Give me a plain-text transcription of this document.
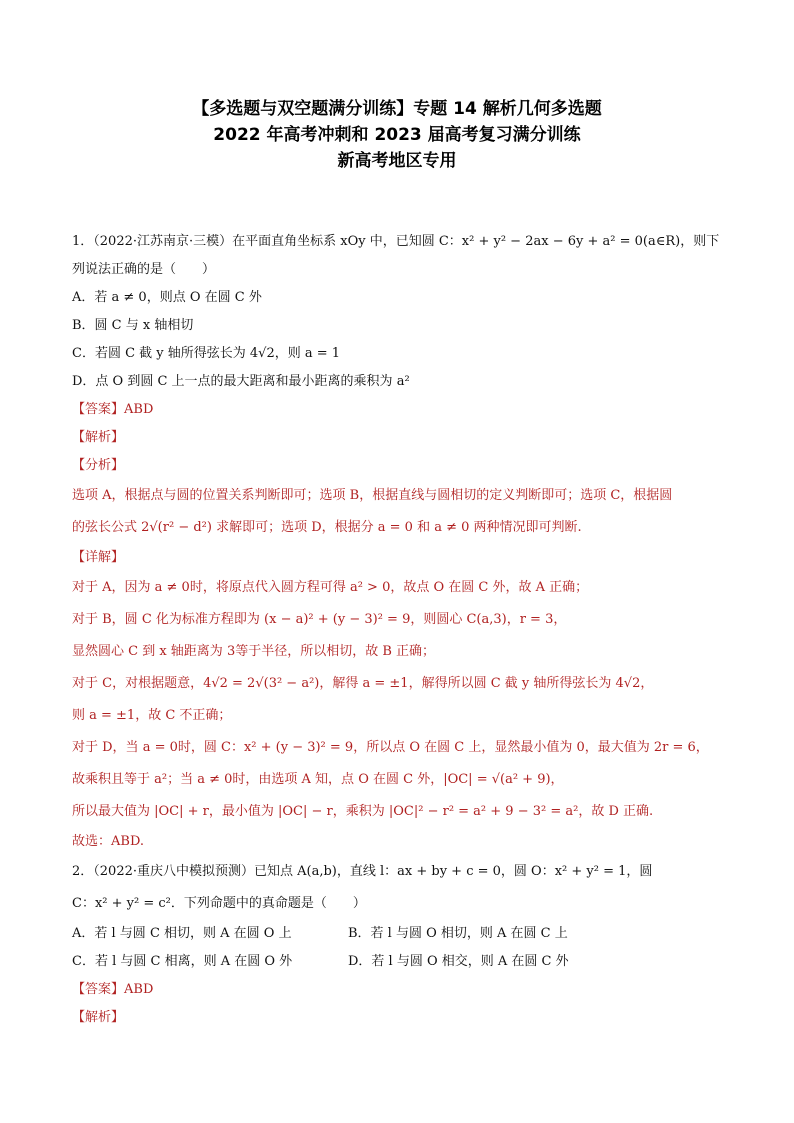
【多选题与双空题满分训练】专题 14 解析几何多选题
2022 年高考冲刺和 2023 届高考复习满分训练
新高考地区专用
1．（2022·江苏南京·三模）在平面直角坐标系 xOy 中，已知圆 C：x² + y² − 2ax − 6y + a² = 0(a∈R)，则下
列说法正确的是（　　）
A．若 a ≠ 0，则点 O 在圆 C 外
B．圆 C 与 x 轴相切
C．若圆 C 截 y 轴所得弦长为 4√2，则 a = 1
D．点 O 到圆 C 上一点的最大距离和最小距离的乘积为 a²
【答案】ABD
【解析】
【分析】
选项 A，根据点与圆的位置关系判断即可；选项 B，根据直线与圆相切的定义判断即可；选项 C，根据圆
的弦长公式 2√(r² − d²) 求解即可；选项 D，根据分 a = 0 和 a ≠ 0 两种情况即可判断.
【详解】
对于 A，因为 a ≠ 0时，将原点代入圆方程可得 a² > 0，故点 O 在圆 C 外，故 A 正确；
对于 B，圆 C 化为标准方程即为 (x − a)² + (y − 3)² = 9，则圆心 C(a,3)，r = 3，
显然圆心 C 到 x 轴距离为 3等于半径，所以相切，故 B 正确；
对于 C，对根据题意，4√2 = 2√(3² − a²)，解得 a = ±1，解得所以圆 C 截 y 轴所得弦长为 4√2，
则 a = ±1，故 C 不正确；
对于 D，当 a = 0时，圆 C：x² + (y − 3)² = 9，所以点 O 在圆 C 上，显然最小值为 0，最大值为 2r = 6，
故乘积且等于 a²；当 a ≠ 0时，由选项 A 知，点 O 在圆 C 外，|OC| = √(a² + 9)，
所以最大值为 |OC| + r，最小值为 |OC| − r，乘积为 |OC|² − r² = a² + 9 − 3² = a²，故 D 正确.
故选：ABD.
2．（2022·重庆八中模拟预测）已知点 A(a,b)，直线 l：ax + by + c = 0，圆 O：x² + y² = 1，圆
C：x² + y² = c²．下列命题中的真命题是（　　）
A．若 l 与圆 C 相切，则 A 在圆 O 上	B．若 l 与圆 O 相切，则 A 在圆 C 上
C．若 l 与圆 C 相离，则 A 在圆 O 外	D．若 l 与圆 O 相交，则 A 在圆 C 外
【答案】ABD
【解析】
